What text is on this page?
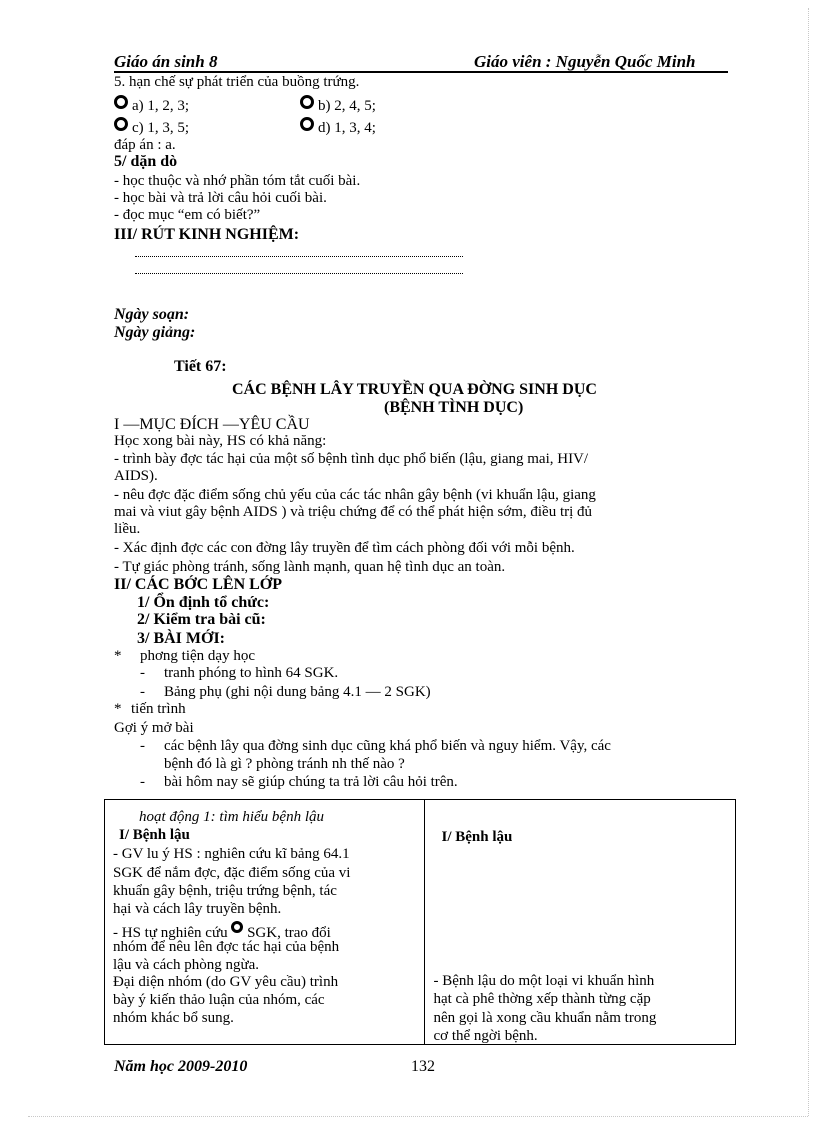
Giáo án sinh 8	Giáo viên : Nguyễn Quốc Minh
5. hạn chế sự phát triển của buồng trứng.
a) 1, 2, 3;	b) 2, 4, 5;
c) 1, 3, 5;	d) 1, 3, 4;
đáp án : a.
5/ dặn dò
- học thuộc và nhớ phần tóm tắt cuối bài.
- học bài và trả lời câu hỏi cuối bài.
- đọc mục “em có biết?”
III/ RÚT KINH NGHIỆM:
Ngày soạn:
Ngày giảng:
Tiết 67:
CÁC BỆNH LÂY TRUYỀN QUA ĐỜNG SINH DỤC
(BỆNH TÌNH DỤC)
I —MỤC ĐÍCH —YÊU CẦU
Học xong bài này, HS có khả năng:
- trình bày đợc tác hại của một số bệnh tình dục phổ biến (lậu, giang mai, HIV/
AIDS).
- nêu đợc đặc điểm sống chủ yếu của các tác nhân gây bệnh (vi khuẩn lậu, giang
mai và viut gây bệnh AIDS ) và triệu chứng để có thể phát hiện sớm, điều trị đủ
liều.
- Xác định đợc các con đờng lây truyền để tìm cách phòng đối với mỗi bệnh.
- Tự giác phòng tránh, sống lành mạnh, quan hệ tình dục an toàn.
II/ CÁC BỚC LÊN LỚP
1/ Ổn định tổ chức:
2/ Kiểm tra bài cũ:
3/ BÀI MỚI:
* phơng tiện dạy học
- tranh phóng to hình 64 SGK.
- Bảng phụ (ghi nội dung bảng 4.1 — 2 SGK)
* tiến trình
Gợi ý mở bài
- các bệnh lây qua đờng sinh dục cũng khá phổ biến và nguy hiểm. Vậy, các
bệnh đó là gì ? phòng tránh nh thế nào ?
- bài hôm nay sẽ giúp chúng ta trả lời câu hỏi trên.
hoạt động 1: tìm hiểu bệnh lậu
I/ Bệnh lậu
- GV lu ý HS : nghiên cứu kĩ bảng 64.1
SGK để nắm đợc, đặc điểm sống của vi
khuẩn gây bệnh, triệu trứng bệnh, tác
hại và cách lây truyền bệnh.
- HS tự nghiên cứu SGK, trao đổi
nhóm để nêu lên đợc tác hại của bệnh
lậu và cách phòng ngừa.
Đại diện nhóm (do GV yêu cầu) trình
bày ý kiến thảo luận của nhóm, các
nhóm khác bổ sung.

I/ Bệnh lậu
- Bệnh lậu do một loại vi khuẩn hình
hạt cà phê thờng xếp thành từng cặp
nên gọi là xong cầu khuẩn nằm trong
cơ thể ngời bệnh.
Năm học 2009-2010	132
